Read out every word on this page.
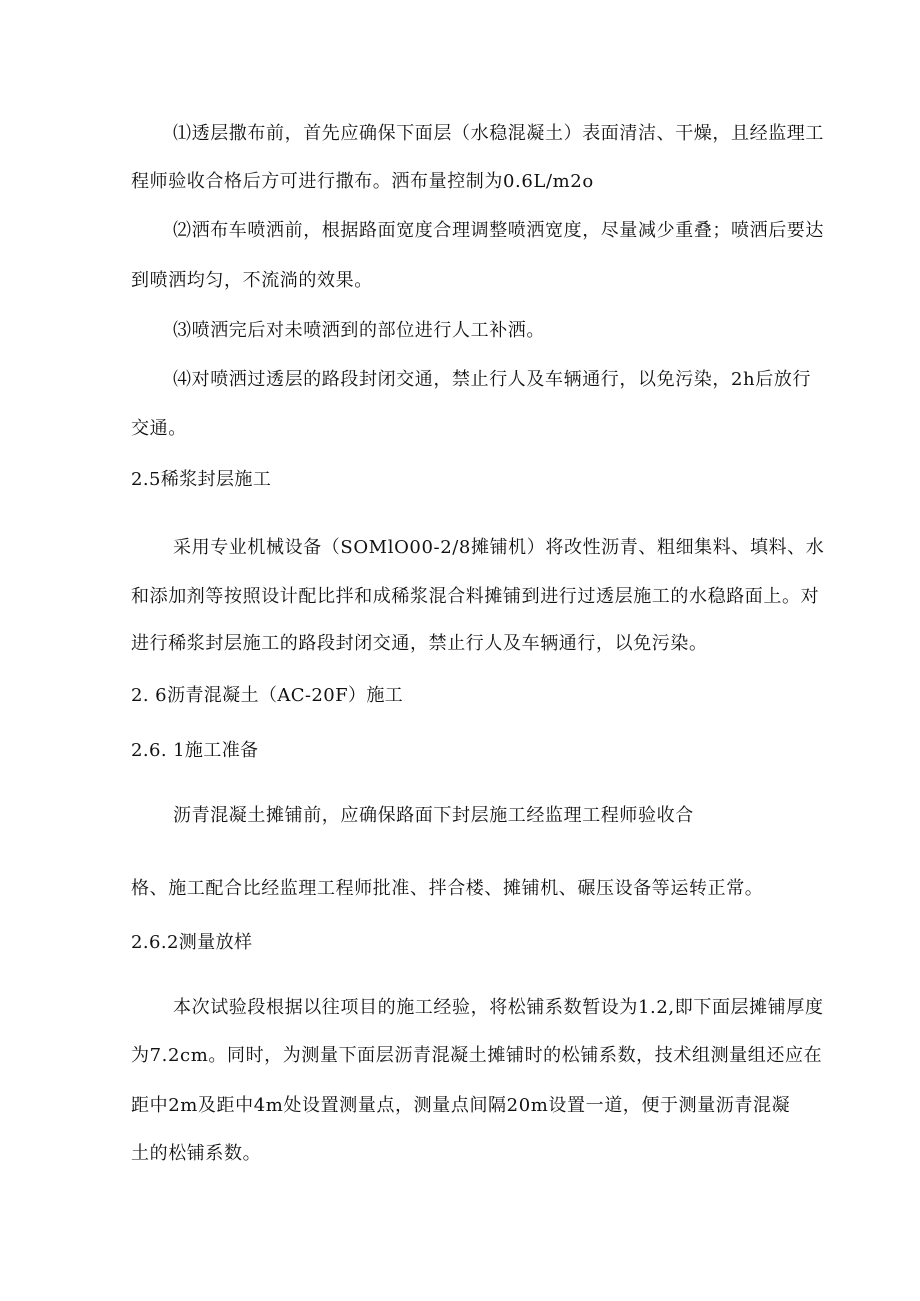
⑴透层撒布前，首先应确保下面层（水稳混凝土）表面清洁、干燥，且经监理工
程师验收合格后方可进行撒布。洒布量控制为0.6L∕m2o
⑵洒布车喷洒前，根据路面宽度合理调整喷洒宽度，尽量减少重叠；喷洒后要达
到喷洒均匀，不流淌的效果。
⑶喷洒完后对未喷洒到的部位进行人工补洒。
⑷对喷洒过透层的路段封闭交通，禁止行人及车辆通行，以免污染，2h后放行
交通。
2.5稀浆封层施工
采用专业机械设备（SOMlO00-2/8摊铺机）将改性沥青、粗细集料、填料、水
和添加剂等按照设计配比拌和成稀浆混合料摊铺到进行过透层施工的水稳路面上。对
进行稀浆封层施工的路段封闭交通，禁止行人及车辆通行，以免污染。
2. 6沥青混凝土（AC-20F）施工
2.6. 1施工准备
沥青混凝土摊铺前，应确保路面下封层施工经监理工程师验收合
格、施工配合比经监理工程师批准、拌合楼、摊铺机、碾压设备等运转正常。
2.6.2测量放样
本次试验段根据以往项目的施工经验，将松铺系数暂设为1.2,即下面层摊铺厚度
为7.2cm。同时，为测量下面层沥青混凝土摊铺时的松铺系数，技术组测量组还应在
距中2m及距中4m处设置测量点，测量点间隔20m设置一道，便于测量沥青混凝
土的松铺系数。
